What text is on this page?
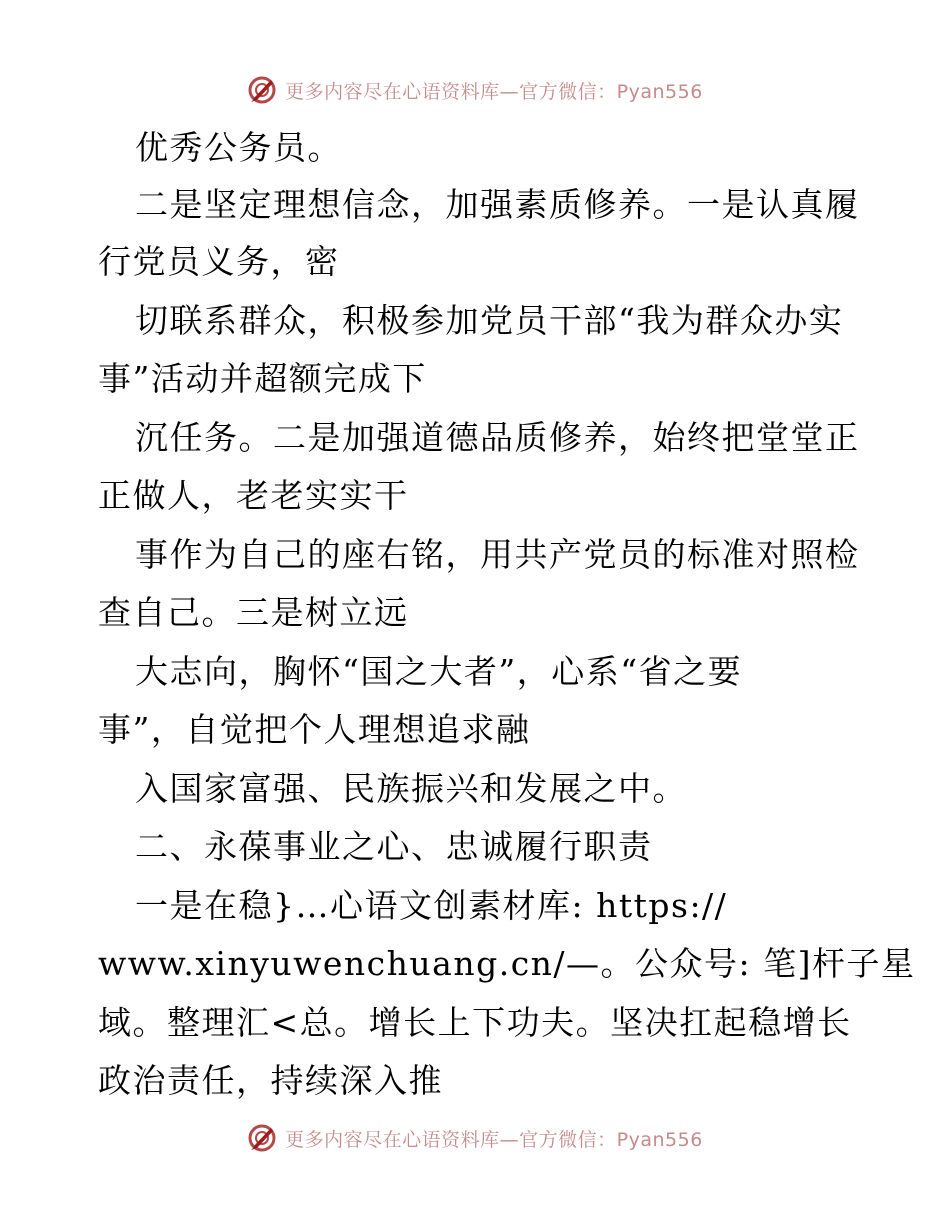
更多内容尽在心语资料库—官方微信：Pyan556
优秀公务员。
二是坚定理想信念，加强素质修养。一是认真履
行党员义务，密
切联系群众，积极参加党员干部“我为群众办实
事”活动并超额完成下
沉任务。二是加强道德品质修养，始终把堂堂正
正做人，老老实实干
事作为自己的座右铭，用共产党员的标准对照检
查自己。三是树立远
大志向，胸怀“国之大者”，心系“省之要
事”，自觉把个人理想追求融
入国家富强、民族振兴和发展之中。
二、永葆事业之心、忠诚履行职责
一是在稳}…心语文创素材库: https://
www.xinyuwenchuang.cn/—。公众号: 笔]杆子星
域。整理汇<总。增长上下功夫。坚决扛起稳增长
政治责任，持续深入推
更多内容尽在心语资料库—官方微信：Pyan556
